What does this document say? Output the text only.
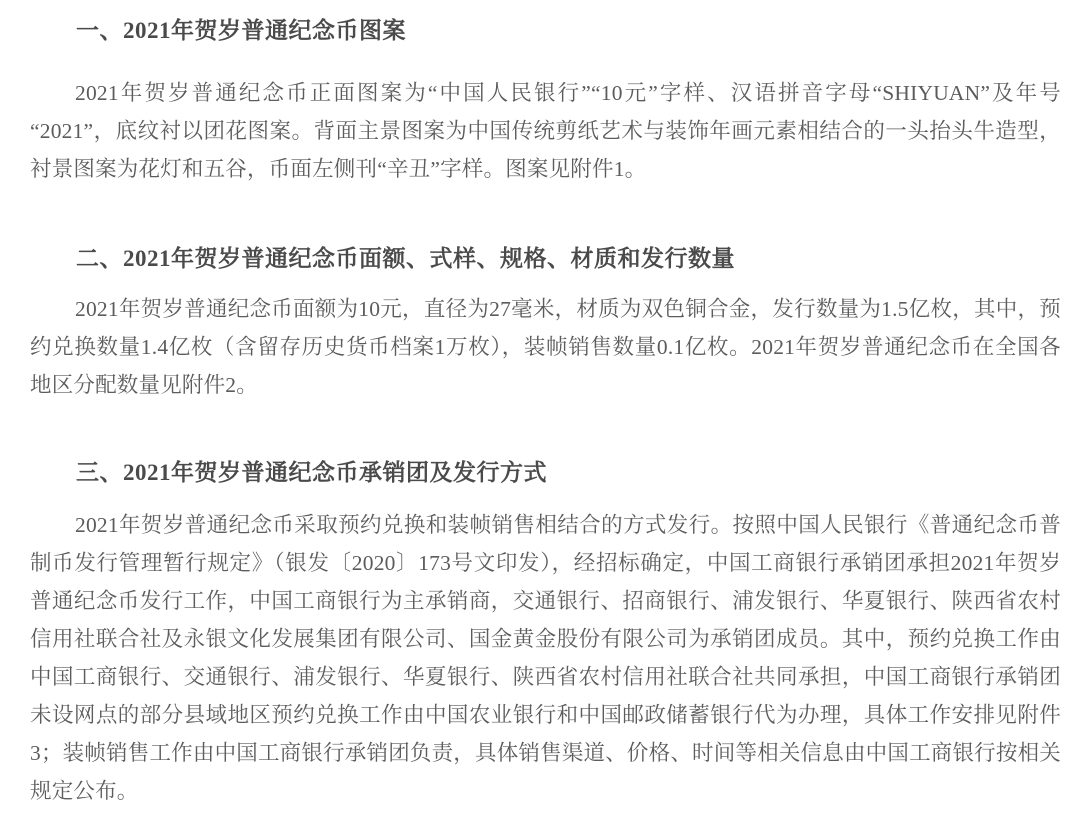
一、2021年贺岁普通纪念币图案

2021年贺岁普通纪念币正面图案为“中国人民银行”“10元”字样、汉语拼音字母“SHIYUAN”及年号“2021”，底纹衬以团花图案。背面主景图案为中国传统剪纸艺术与装饰年画元素相结合的一头抬头牛造型，衬景图案为花灯和五谷，币面左侧刊“辛丑”字样。图案见附件1。

二、2021年贺岁普通纪念币面额、式样、规格、材质和发行数量

2021年贺岁普通纪念币面额为10元，直径为27毫米，材质为双色铜合金，发行数量为1.5亿枚，其中，预约兑换数量1.4亿枚（含留存历史货币档案1万枚），装帧销售数量0.1亿枚。2021年贺岁普通纪念币在全国各地区分配数量见附件2。

三、2021年贺岁普通纪念币承销团及发行方式

2021年贺岁普通纪念币采取预约兑换和装帧销售相结合的方式发行。按照中国人民银行《普通纪念币普制币发行管理暂行规定》（银发〔2020〕173号文印发），经招标确定，中国工商银行承销团承担2021年贺岁普通纪念币发行工作，中国工商银行为主承销商，交通银行、招商银行、浦发银行、华夏银行、陕西省农村信用社联合社及永银文化发展集团有限公司、国金黄金股份有限公司为承销团成员。其中，预约兑换工作由中国工商银行、交通银行、浦发银行、华夏银行、陕西省农村信用社联合社共同承担，中国工商银行承销团未设网点的部分县域地区预约兑换工作由中国农业银行和中国邮政储蓄银行代为办理，具体工作安排见附件3；装帧销售工作由中国工商银行承销团负责，具体销售渠道、价格、时间等相关信息由中国工商银行按相关规定公布。
